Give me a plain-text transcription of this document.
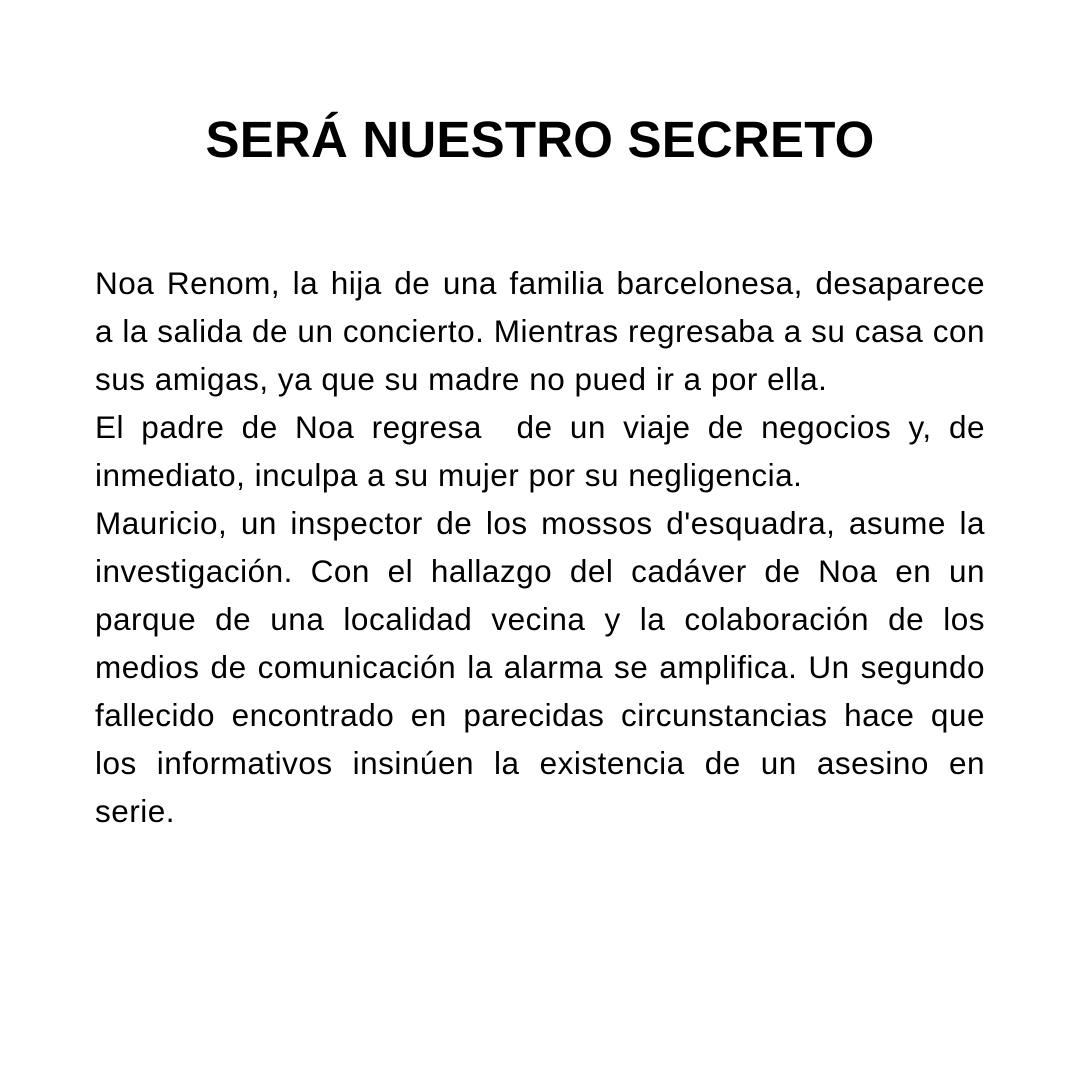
SERÁ NUESTRO SECRETO

Noa Renom, la hija de una familia barcelonesa, desaparece a la salida de un concierto. Mientras regresaba a su casa con sus amigas, ya que su madre no pued ir a por ella.

El padre de Noa regresa  de un viaje de negocios y, de inmediato, inculpa a su mujer por su negligencia.

Mauricio, un inspector de los mossos d'esquadra, asume la investigación. Con el hallazgo del cadáver de Noa en un parque de una localidad vecina y la colaboración de los medios de comunicación la alarma se amplifica. Un segundo fallecido encontrado en parecidas circunstancias hace que los informativos insinúen la existencia de un asesino en serie.
